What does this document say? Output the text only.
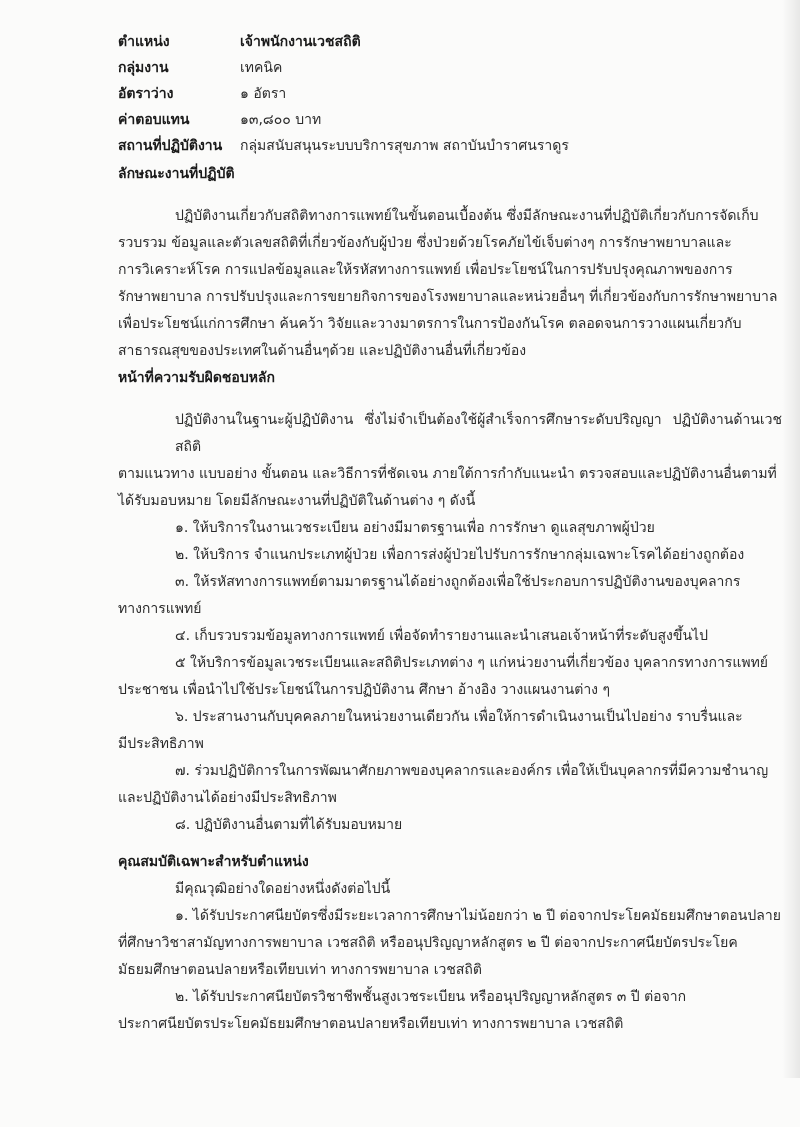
ตำแหน่ง	เจ้าพนักงานเวชสถิติ
กลุ่มงาน	เทคนิค
อัตราว่าง	๑ อัตรา
ค่าตอบแทน	๑๓,๘๐๐ บาท
สถานที่ปฏิบัติงาน	กลุ่มสนับสนุนระบบบริการสุขภาพ สถาบันบำราศนราดูร
ลักษณะงานที่ปฏิบัติ
ปฏิบัติงานเกี่ยวกับสถิติทางการแพทย์ในขั้นตอนเบื้องต้น ซึ่งมีลักษณะงานที่ปฏิบัติเกี่ยวกับการจัดเก็บ
รวบรวม ข้อมูลและตัวเลขสถิติที่เกี่ยวข้องกับผู้ป่วย ซึ่งป่วยด้วยโรคภัยไข้เจ็บต่างๆ การรักษาพยาบาลและ
การวิเคราะห์โรค การแปลข้อมูลและให้รหัสทางการแพทย์ เพื่อประโยชน์ในการปรับปรุงคุณภาพของการ
รักษาพยาบาล การปรับปรุงและการขยายกิจการของโรงพยาบาลและหน่วยอื่นๆ ที่เกี่ยวข้องกับการรักษาพยาบาล
เพื่อประโยชน์แก่การศึกษา ค้นคว้า วิจัยและวางมาตรการในการป้องกันโรค ตลอดจนการวางแผนเกี่ยวกับ
สาธารณสุขของประเทศในด้านอื่นๆด้วย และปฏิบัติงานอื่นที่เกี่ยวข้อง
หน้าที่ความรับผิดชอบหลัก
ปฏิบัติงานในฐานะผู้ปฏิบัติงาน ซึ่งไม่จำเป็นต้องใช้ผู้สำเร็จการศึกษาระดับปริญญา ปฏิบัติงานด้านเวชสถิติ
ตามแนวทาง แบบอย่าง ขั้นตอน และวิธีการที่ชัดเจน ภายใต้การกำกับแนะนำ ตรวจสอบและปฏิบัติงานอื่นตามที่
ได้รับมอบหมาย โดยมีลักษณะงานที่ปฏิบัติในด้านต่าง ๆ ดังนี้
๑. ให้บริการในงานเวชระเบียน อย่างมีมาตรฐานเพื่อ การรักษา ดูแลสุขภาพผู้ป่วย
๒. ให้บริการ จำแนกประเภทผู้ป่วย เพื่อการส่งผู้ป่วยไปรับการรักษากลุ่มเฉพาะโรคได้อย่างถูกต้อง
๓. ให้รหัสทางการแพทย์ตามมาตรฐานได้อย่างถูกต้องเพื่อใช้ประกอบการปฏิบัติงานของบุคลากร
ทางการแพทย์
๔. เก็บรวบรวมข้อมูลทางการแพทย์ เพื่อจัดทำรายงานและนำเสนอเจ้าหน้าที่ระดับสูงขึ้นไป
๕ ให้บริการข้อมูลเวชระเบียนและสถิติประเภทต่าง ๆ แก่หน่วยงานที่เกี่ยวข้อง บุคลากรทางการแพทย์
ประชาชน เพื่อนำไปใช้ประโยชน์ในการปฏิบัติงาน ศึกษา อ้างอิง วางแผนงานต่าง ๆ
๖. ประสานงานกับบุคคลภายในหน่วยงานเดียวกัน เพื่อให้การดำเนินงานเป็นไปอย่าง ราบรื่นและ
มีประสิทธิภาพ
๗. ร่วมปฏิบัติการในการพัฒนาศักยภาพของบุคลากรและองค์กร เพื่อให้เป็นบุคลากรที่มีความชำนาญ
และปฏิบัติงานได้อย่างมีประสิทธิภาพ
๘. ปฏิบัติงานอื่นตามที่ได้รับมอบหมาย
คุณสมบัติเฉพาะสำหรับตำแหน่ง
มีคุณวุฒิอย่างใดอย่างหนึ่งดังต่อไปนี้
๑. ได้รับประกาศนียบัตรซึ่งมีระยะเวลาการศึกษาไม่น้อยกว่า ๒ ปี ต่อจากประโยคมัธยมศึกษาตอนปลาย
ที่ศึกษาวิชาสามัญทางการพยาบาล เวชสถิติ หรืออนุปริญญาหลักสูตร ๒ ปี ต่อจากประกาศนียบัตรประโยค
มัธยมศึกษาตอนปลายหรือเทียบเท่า ทางการพยาบาล เวชสถิติ
๒. ได้รับประกาศนียบัตรวิชาชีพชั้นสูงเวชระเบียน หรืออนุปริญญาหลักสูตร ๓ ปี ต่อจาก
ประกาศนียบัตรประโยคมัธยมศึกษาตอนปลายหรือเทียบเท่า ทางการพยาบาล เวชสถิติ
